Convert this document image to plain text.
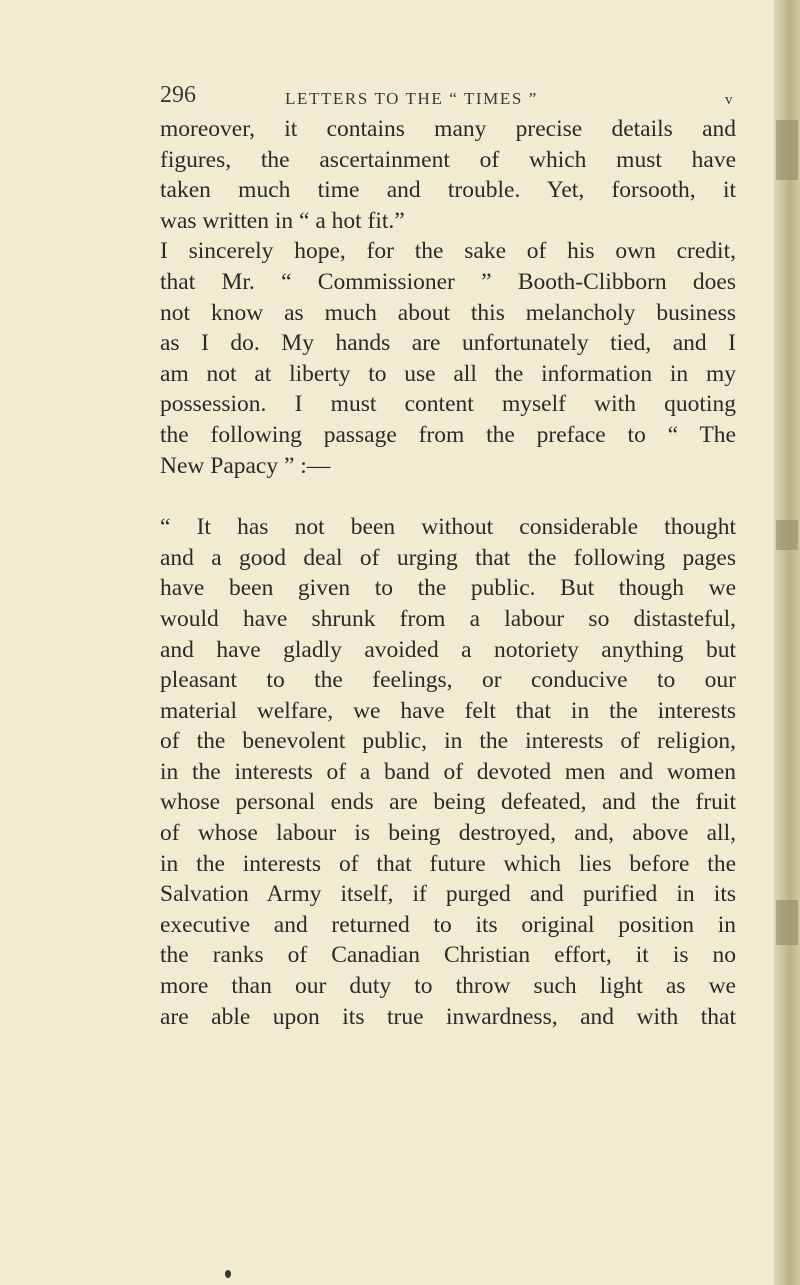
296	LETTERS TO THE “ TIMES ”	v
moreover, it contains many precise details and
figures, the ascertainment of which must have
taken much time and trouble. Yet, forsooth, it
was written in “ a hot fit.”
I sincerely hope, for the sake of his own credit,
that Mr. “ Commissioner ” Booth-Clibborn does
not know as much about this melancholy business
as I do. My hands are unfortunately tied, and I
am not at liberty to use all the information in my
possession. I must content myself with quoting
the following passage from the preface to “ The
New Papacy ” :—
“ It has not been without considerable thought
and a good deal of urging that the following pages
have been given to the public. But though we
would have shrunk from a labour so distasteful,
and have gladly avoided a notoriety anything but
pleasant to the feelings, or conducive to our
material welfare, we have felt that in the interests
of the benevolent public, in the interests of religion,
in the interests of a band of devoted men and women
whose personal ends are being defeated, and the fruit
of whose labour is being destroyed, and, above all,
in the interests of that future which lies before the
Salvation Army itself, if purged and purified in its
executive and returned to its original position in
the ranks of Canadian Christian effort, it is no
more than our duty to throw such light as we
are able upon its true inwardness, and with that
